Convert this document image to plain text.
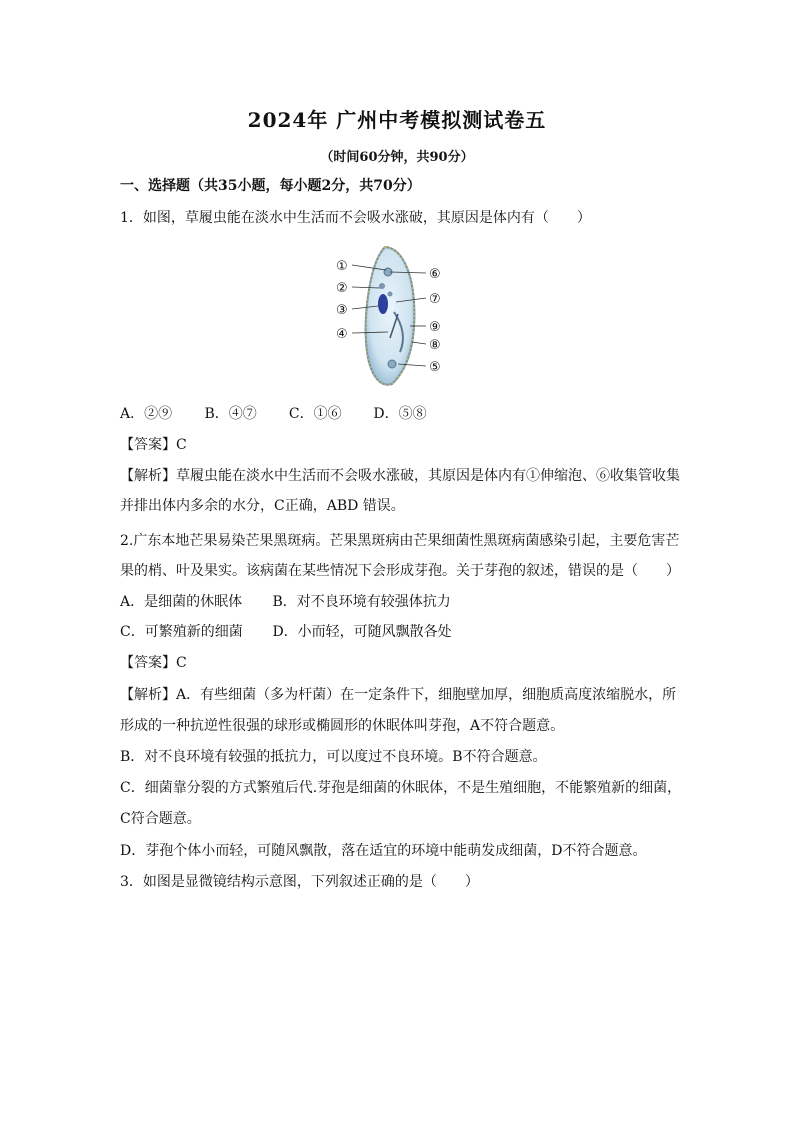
2024年 广州中考模拟测试卷五
（时间60分钟，共90分）
一、选择题（共35小题，每小题2分，共70分）
1．如图，草履虫能在淡水中生活而不会吸水涨破，其原因是体内有（　　）
①
②
③
④
⑤
⑥
⑦
⑧
⑨
A．②⑨ B．④⑦ C．①⑥ D．⑤⑧
【答案】C
【解析】草履虫能在淡水中生活而不会吸水涨破，其原因是体内有①伸缩泡、⑥收集管收集
并排出体内多余的水分，C正确，ABD 错误。
2.广东本地芒果易染芒果黑斑病。芒果黑斑病由芒果细菌性黑斑病菌感染引起，主要危害芒
果的梢、叶及果实。该病菌在某些情况下会形成芽孢。关于芽孢的叙述，错误的是（　　）
A．是细菌的休眠体 B．对不良环境有较强体抗力
C．可繁殖新的细菌 D．小而轻，可随风飘散各处
【答案】C
【解析】A．有些细菌（多为杆菌）在一定条件下，细胞壁加厚，细胞质高度浓缩脱水，所
形成的一种抗逆性很强的球形或椭圆形的休眠体叫芽孢，A不符合题意。
B．对不良环境有较强的抵抗力，可以度过不良环境。B不符合题意。
C．细菌靠分裂的方式繁殖后代.芽孢是细菌的休眠体，不是生殖细胞，不能繁殖新的细菌，
C符合题意。
D．芽孢个体小而轻，可随风飘散，落在适宜的环境中能萌发成细菌，D不符合题意。
3．如图是显微镜结构示意图，下列叙述正确的是（　　）
